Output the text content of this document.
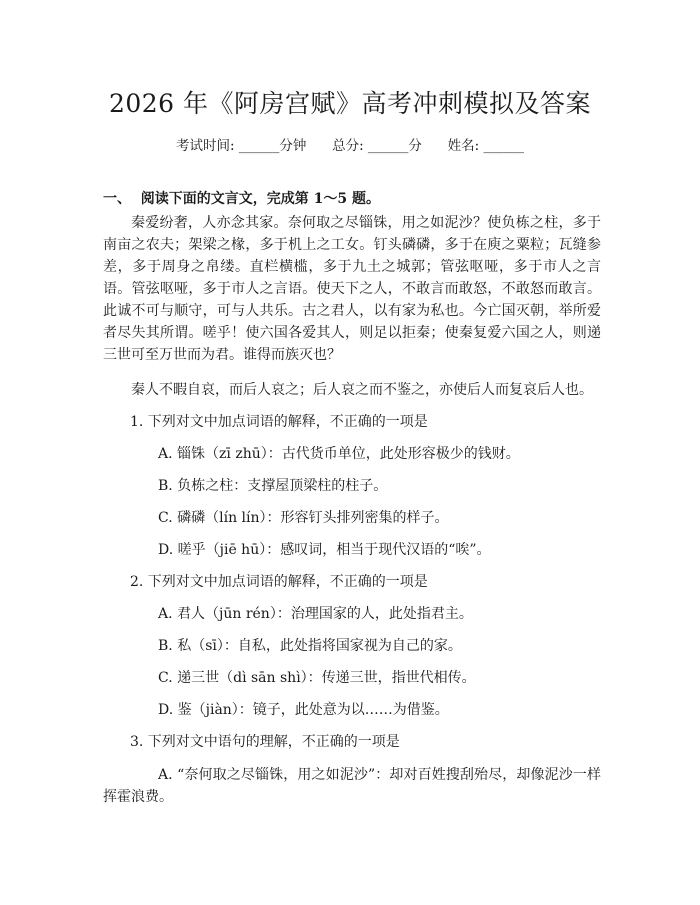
2026 年《阿房宫赋》高考冲刺模拟及答案
考试时间: ______分钟 总分: ______分 姓名: ______
一、  阅读下面的文言文，完成第 1～5 题。

秦爱纷奢，人亦念其家。奈何取之尽锱铢，用之如泥沙？使负栋之柱，多于南亩之农夫；架梁之椽，多于机上之工女。钉头磷磷，多于在庾之粟粒；瓦缝参差，多于周身之帛缕。直栏横槛，多于九土之城郭；管弦呕哑，多于市人之言语。管弦呕哑，多于市人之言语。使天下之人，不敢言而敢怒，不敢怒而敢言。此诚不可与顺守，可与人共乐。古之君人，以有家为私也。今亡国灭朝，举所爱者尽失其所谓。嗟乎！使六国各爱其人，则足以拒秦；使秦复爱六国之人，则递三世可至万世而为君。谁得而族灭也？

秦人不暇自哀，而后人哀之；后人哀之而不鉴之，亦使后人而复哀后人也。

1. 下列对文中加点词语的解释，不正确的一项是
A. 锱铢（zī zhū）：古代货币单位，此处形容极少的钱财。
B. 负栋之柱：支撑屋顶梁柱的柱子。
C. 磷磷（lín lín）：形容钉头排列密集的样子。
D. 嗟乎（jiē hū）：感叹词，相当于现代汉语的“唉”。
2. 下列对文中加点词语的解释，不正确的一项是
A. 君人（jūn rén）：治理国家的人，此处指君主。
B. 私（sī）：自私，此处指将国家视为自己的家。
C. 递三世（dì sān shì）：传递三世，指世代相传。
D. 鉴（jiàn）：镜子，此处意为以……为借鉴。
3. 下列对文中语句的理解，不正确的一项是

A. “奈何取之尽锱铢，用之如泥沙”：却对百姓搜刮殆尽，却像泥沙一样挥霍浪费。
